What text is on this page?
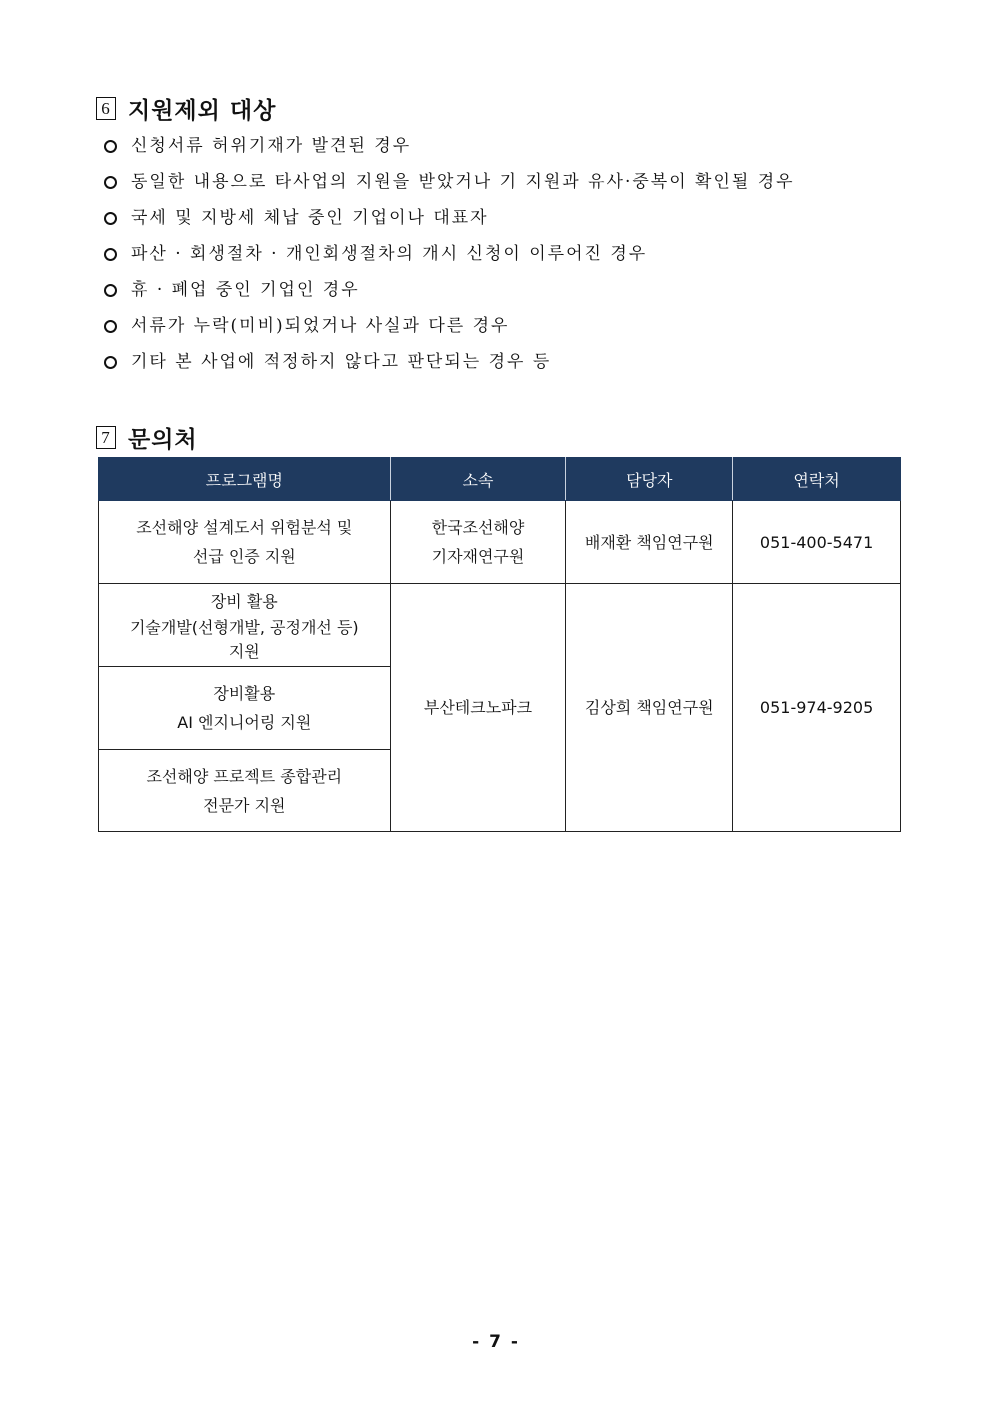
6 지원제외 대상
신청서류 허위기재가 발견된 경우
동일한 내용으로 타사업의 지원을 받았거나 기 지원과 유사·중복이 확인될 경우
국세 및 지방세 체납 중인 기업이나 대표자
파산 · 회생절차 · 개인회생절차의 개시 신청이 이루어진 경우
휴 · 폐업 중인 기업인 경우
서류가 누락(미비)되었거나 사실과 다른 경우
기타 본 사업에 적정하지 않다고 판단되는 경우 등
7 문의처
프로그램명	소속	담당자	연락처

조선해양 설계도서 위험분석 및
선급 인증 지원	한국조선해양
기자재연구원	배재환 책임연구원	051-400-5471

장비 활용
기술개발(선형개발, 공정개선 등)
지원	부산테크노파크	김상희 책임연구원	051-974-9205

장비활용
AI 엔지니어링 지원			

조선해양 프로젝트 종합관리
전문가 지원			
- 7 -
